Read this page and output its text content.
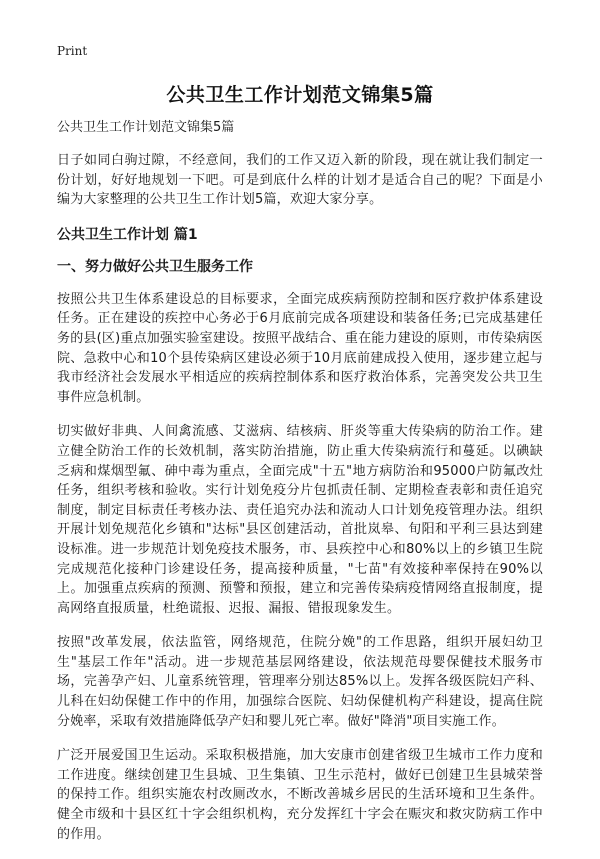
Print
公共卫生工作计划范文锦集5篇
公共卫生工作计划范文锦集5篇

日子如同白驹过隙，不经意间，我们的工作又迈入新的阶段，现在就让我们制定一份计划，好好地规划一下吧。可是到底什么样的计划才是适合自己的呢？下面是小编为大家整理的公共卫生工作计划5篇，欢迎大家分享。

公共卫生工作计划 篇1
一、努力做好公共卫生服务工作

按照公共卫生体系建设总的目标要求，全面完成疾病预防控制和医疗救护体系建设任务。正在建设的疾控中心务必于6月底前完成各项建设和装备任务;已完成基建任务的县(区)重点加强实验室建设。按照平战结合、重在能力建设的原则，市传染病医院、急救中心和10个县传染病区建设必须于10月底前建成投入使用，逐步建立起与我市经济社会发展水平相适应的疾病控制体系和医疗救治体系，完善突发公共卫生事件应急机制。

切实做好非典、人间禽流感、艾滋病、结核病、肝炎等重大传染病的防治工作。建立健全防治工作的长效机制，落实防治措施，防止重大传染病流行和蔓延。以碘缺乏病和煤烟型氟、砷中毒为重点，全面完成"十五"地方病防治和95000户防氟改灶任务，组织考核和验收。实行计划免疫分片包抓责任制、定期检查表彰和责任追究制度，制定目标责任考核办法、责任追究办法和流动人口计划免疫管理办法。组织开展计划免规范化乡镇和"达标"县区创建活动，首批岚皋、旬阳和平利三县达到建设标准。进一步规范计划免疫技术服务，市、县疾控中心和80%以上的乡镇卫生院完成规范化接种门诊建设任务，提高接种质量，"七苗"有效接种率保持在90%以上。加强重点疾病的预测、预警和预报，建立和完善传染病疫情网络直报制度，提高网络直报质量，杜绝谎报、迟报、漏报、错报现象发生。

按照"改革发展，依法监管，网络规范，住院分娩"的工作思路，组织开展妇幼卫生"基层工作年"活动。进一步规范基层网络建设，依法规范母婴保健技术服务市场，完善孕产妇、儿童系统管理，管理率分别达85%以上。发挥各级医院妇产科、儿科在妇幼保健工作中的作用，加强综合医院、妇幼保健机构产科建设，提高住院分娩率，采取有效措施降低孕产妇和婴儿死亡率。做好"降消"项目实施工作。

广泛开展爱国卫生运动。采取积极措施，加大安康市创建省级卫生城市工作力度和工作进度。继续创建卫生县城、卫生集镇、卫生示范村，做好已创建卫生县城荣誉的保持工作。组织实施农村改厕改水，不断改善城乡居民的生活环境和卫生条件。健全市级和十县区红十字会组织机构，充分发挥红十字会在赈灾和救灾防病工作中的作用。
